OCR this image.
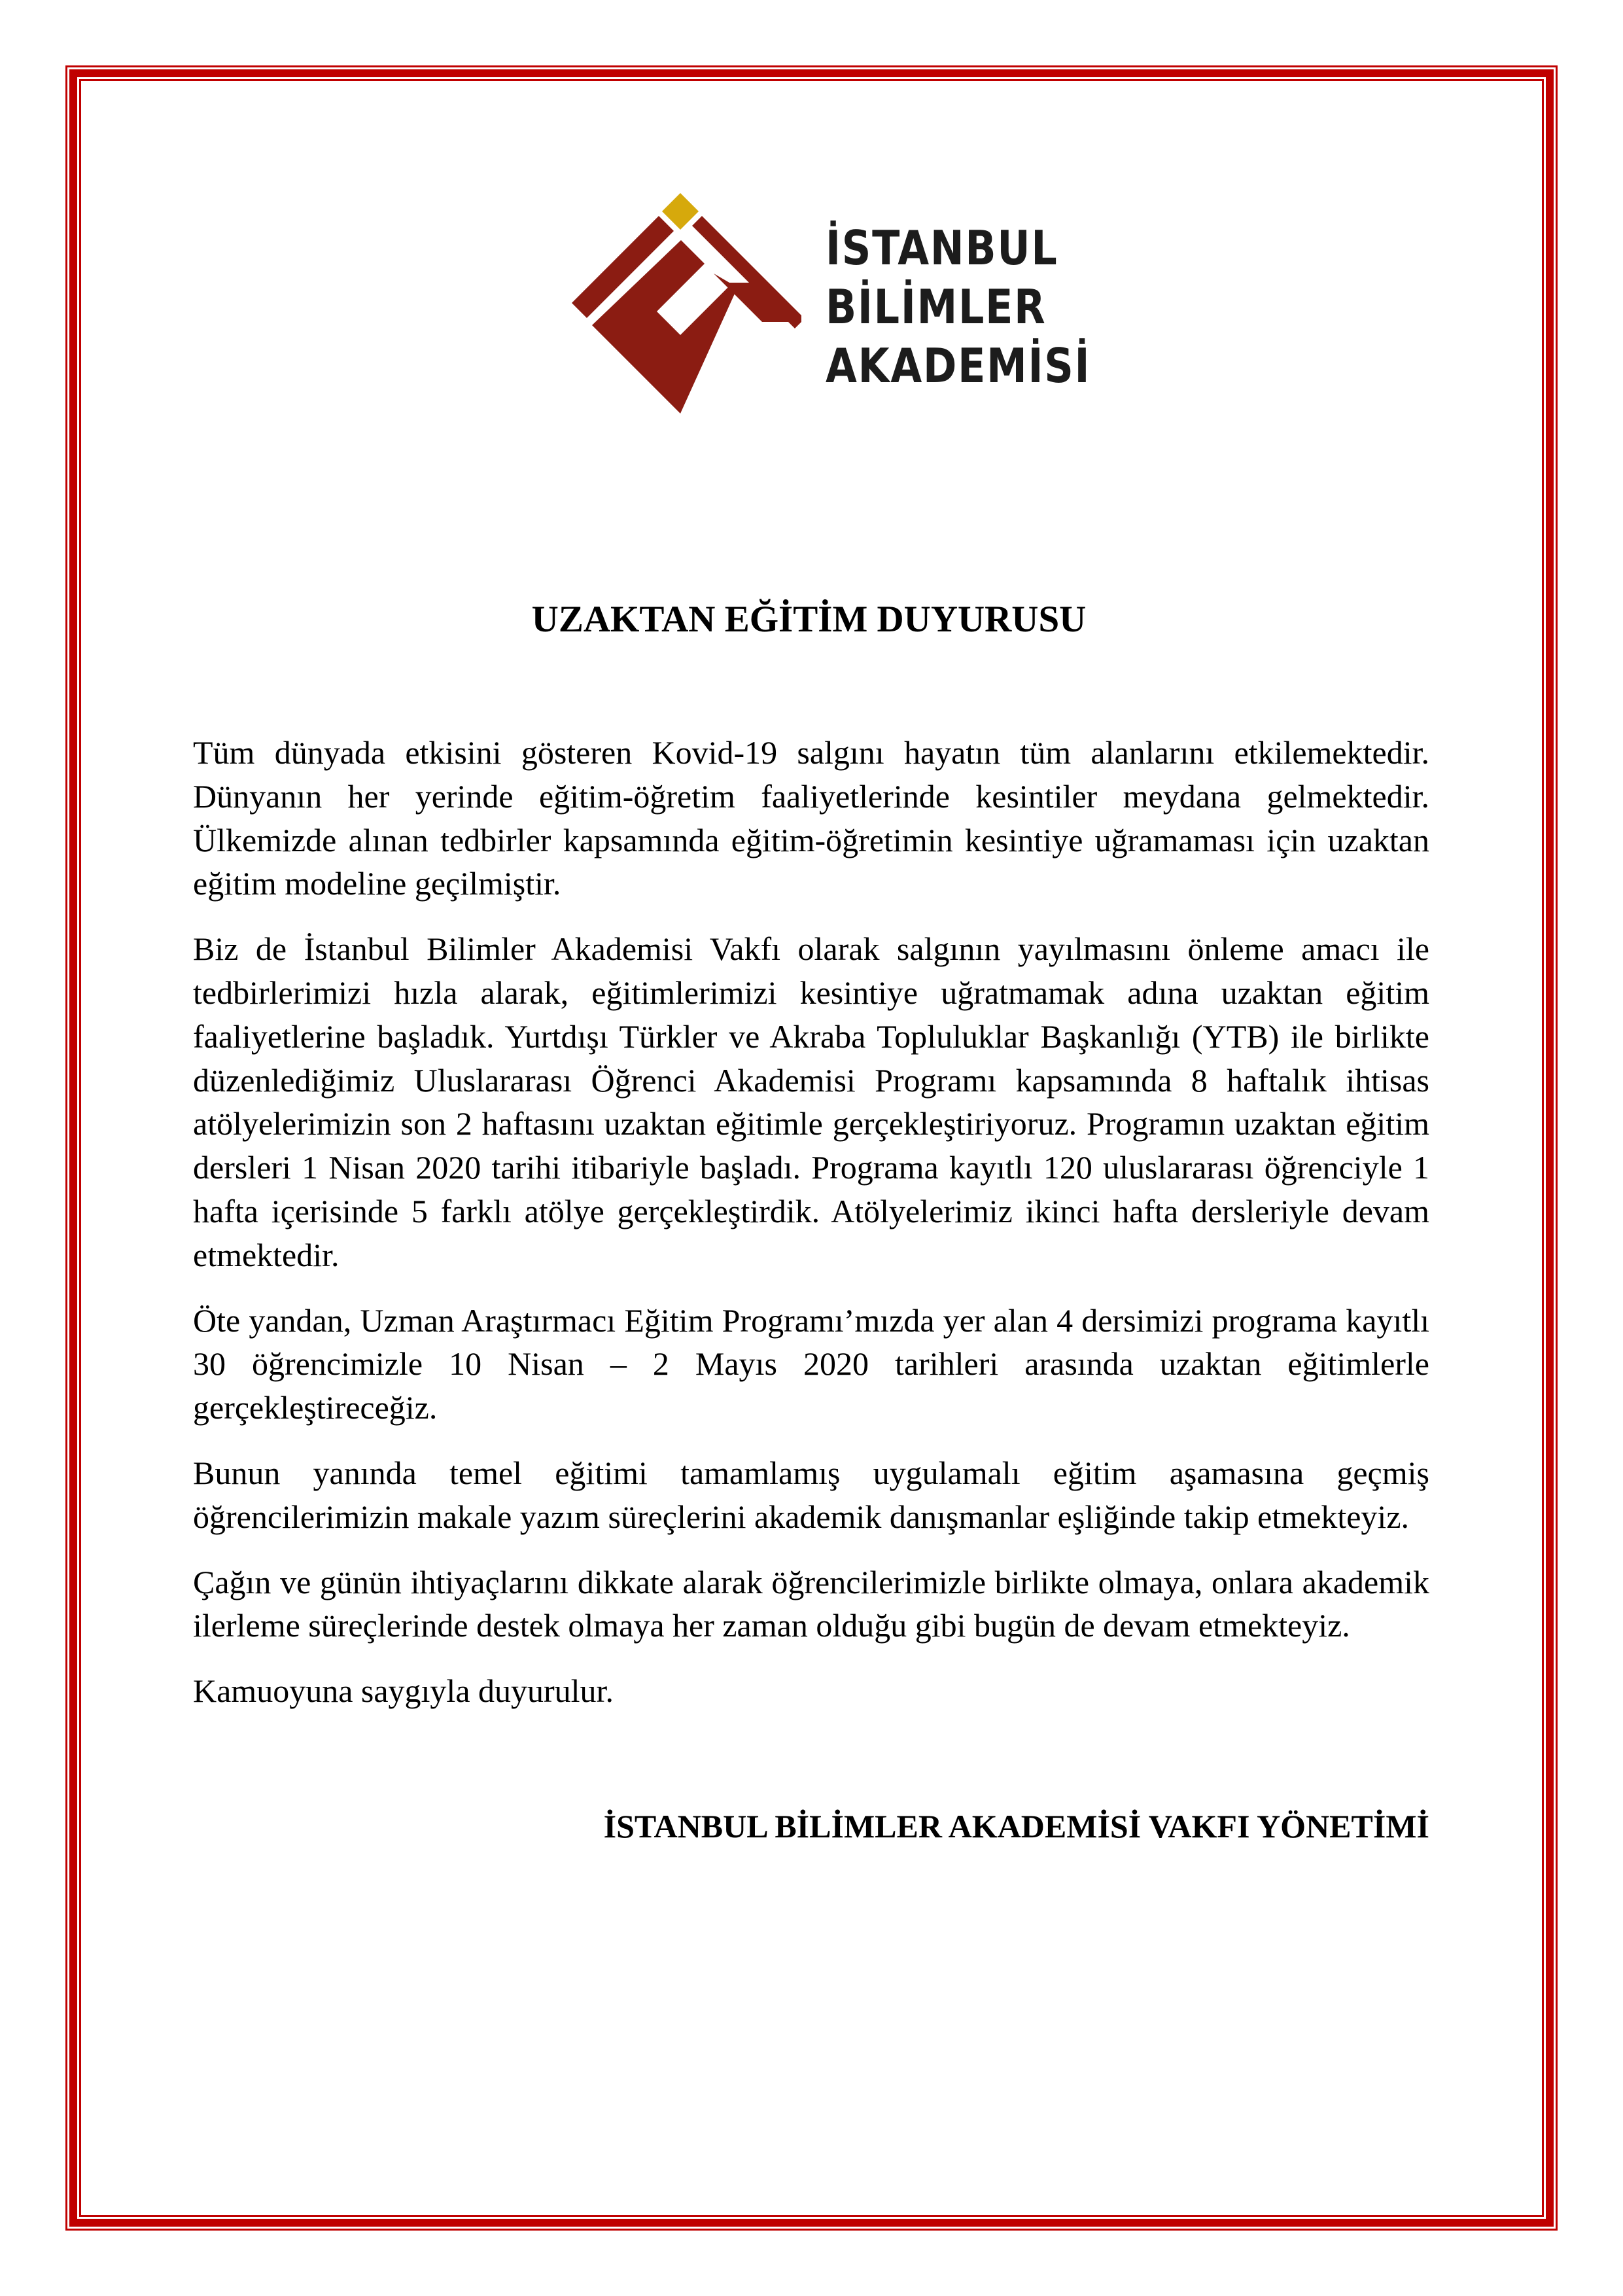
İSTANBUL
BİLİMLER
AKADEMİSİ
UZAKTAN EĞİTİM DUYURUSU

Tüm dünyada etkisini gösteren Kovid-19 salgını hayatın tüm alanlarını etkilemektedir. Dünyanın her yerinde eğitim-öğretim faaliyetlerinde kesintiler meydana gelmektedir. Ülkemizde alınan tedbirler kapsamında eğitim-öğretimin kesintiye uğramaması için uzaktan eğitim modeline geçilmiştir.

Biz de İstanbul Bilimler Akademisi Vakfı olarak salgının yayılmasını önleme amacı ile tedbirlerimizi hızla alarak, eğitimlerimizi kesintiye uğratmamak adına uzaktan eğitim faaliyetlerine başladık. Yurtdışı Türkler ve Akraba Topluluklar Başkanlığı (YTB) ile birlikte düzenlediğimiz Uluslararası Öğrenci Akademisi Programı kapsamında 8 haftalık ihtisas atölyelerimizin son 2 haftasını uzaktan eğitimle gerçekleştiriyoruz. Programın uzaktan eğitim dersleri 1 Nisan 2020 tarihi itibariyle başladı. Programa kayıtlı 120 uluslararası öğrenciyle 1 hafta içerisinde 5 farklı atölye gerçekleştirdik. Atölyelerimiz ikinci hafta dersleriyle devam etmektedir.

Öte yandan, Uzman Araştırmacı Eğitim Programı’mızda yer alan 4 dersimizi programa kayıtlı 30 öğrencimizle 10 Nisan – 2 Mayıs 2020 tarihleri arasında uzaktan eğitimlerle gerçekleştireceğiz.

Bunun yanında temel eğitimi tamamlamış uygulamalı eğitim aşamasına geçmiş öğrencilerimizin makale yazım süreçlerini akademik danışmanlar eşliğinde takip etmekteyiz.

Çağın ve günün ihtiyaçlarını dikkate alarak öğrencilerimizle birlikte olmaya, onlara akademik ilerleme süreçlerinde destek olmaya her zaman olduğu gibi bugün de devam etmekteyiz.

Kamuoyuna saygıyla duyurulur.

İSTANBUL BİLİMLER AKADEMİSİ VAKFI YÖNETİMİ
